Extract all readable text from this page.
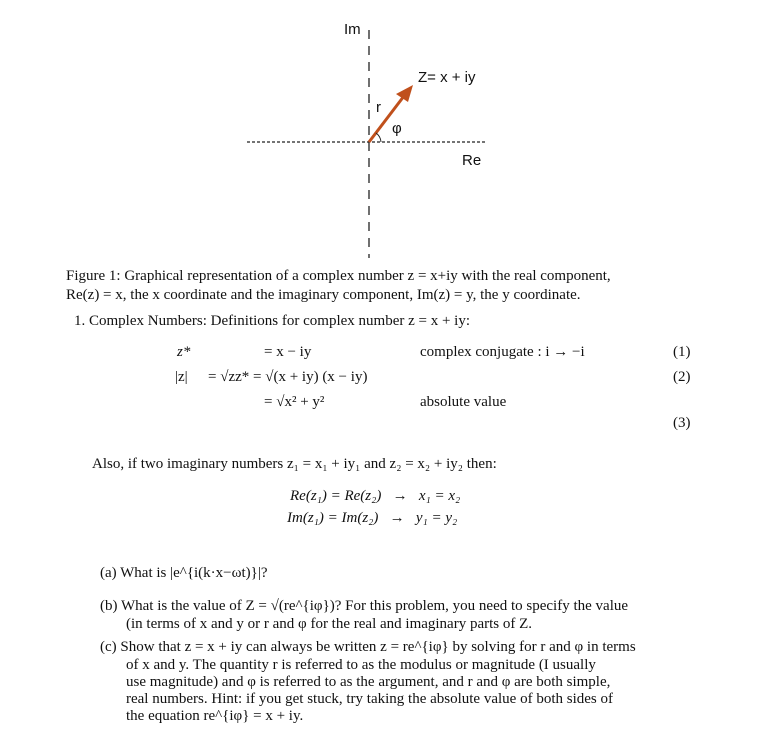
Im
Z= x + iy
r
φ
Re
Figure 1: Graphical representation of a complex number z = x+iy with the real component,
Re(z) = x, the x coordinate and the imaginary component, Im(z) = y, the y coordinate.
1. Complex Numbers: Definitions for complex number z = x + iy:
z*	= x − iy	complex conjugate : i → −i	(1)
|z| = √zz* = √(x + iy) (x − iy)	(2)
= √x² + y²	absolute value
(3)
Also, if two imaginary numbers z₁ = x₁ + iy₁ and z₂ = x₂ + iy₂ then:
Re(z₁) = Re(z₂)   →   x₁ = x₂
Im(z₁) = Im(z₂)   →   y₁ = y₂
(a) What is |e^{i(k·x−ωt)}|?
(b) What is the value of Z = √(re^{iφ})? For this problem, you need to specify the value
(in terms of x and y or r and φ for the real and imaginary parts of Z.
(c) Show that z = x + iy can always be written z = re^{iφ} by solving for r and φ in terms
of x and y. The quantity r is referred to as the modulus or magnitude (I usually
use magnitude) and φ is referred to as the argument, and r and φ are both simple,
real numbers. Hint: if you get stuck, try taking the absolute value of both sides of
the equation re^{iφ} = x + iy.
